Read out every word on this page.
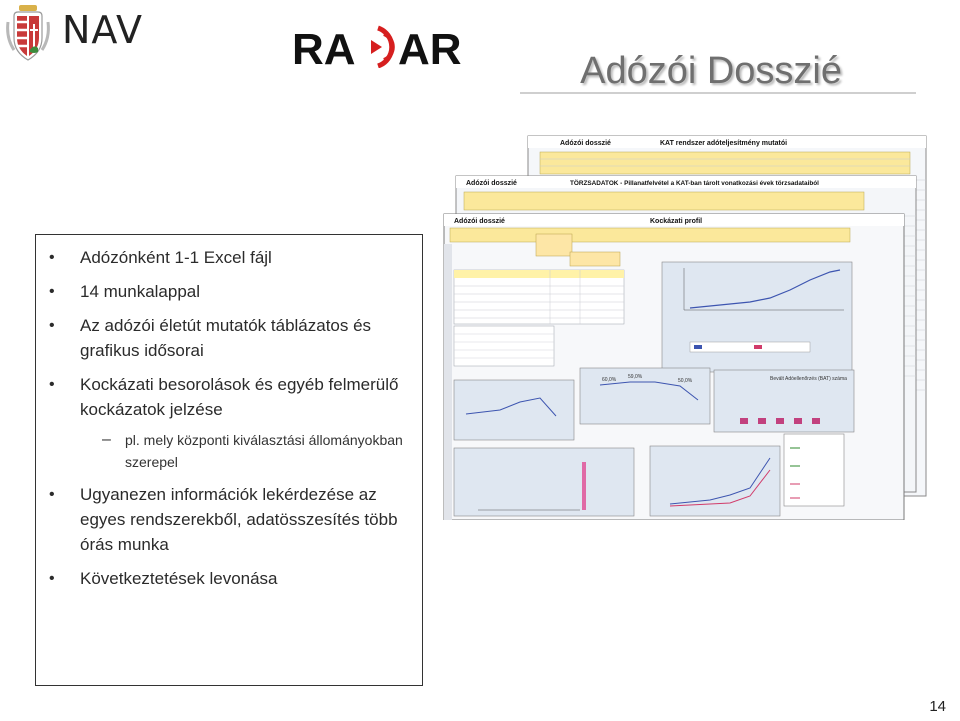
NAV	RA AR	Adózói Dosszié
• Adózónként 1-1 Excel fájl
• 14 munkalappal
• Az adózói életút mutatók táblázatos és grafikus idősorai
• Kockázati besorolások és egyéb felmerülő kockázatok jelzése
– pl. mely központi kiválasztási állományokban szerepel
• Ugyanezen információk lekérdezése az egyes rendszerekből, adatösszesítés több órás munka
• Következtetések levonása
Adózói dosszié	KAT rendszer adóteljesítmény mutatói
Adózói dosszié	TÖRZSADATOK - Pillanatfelvétel a KAT-ban tárolt vonatkozási évek törzsadataiból
Adózói dosszié	Kockázati profil
60,0% 59,0%
50,0%	Bevált Adóellenőrzés (BAT) száma
14
